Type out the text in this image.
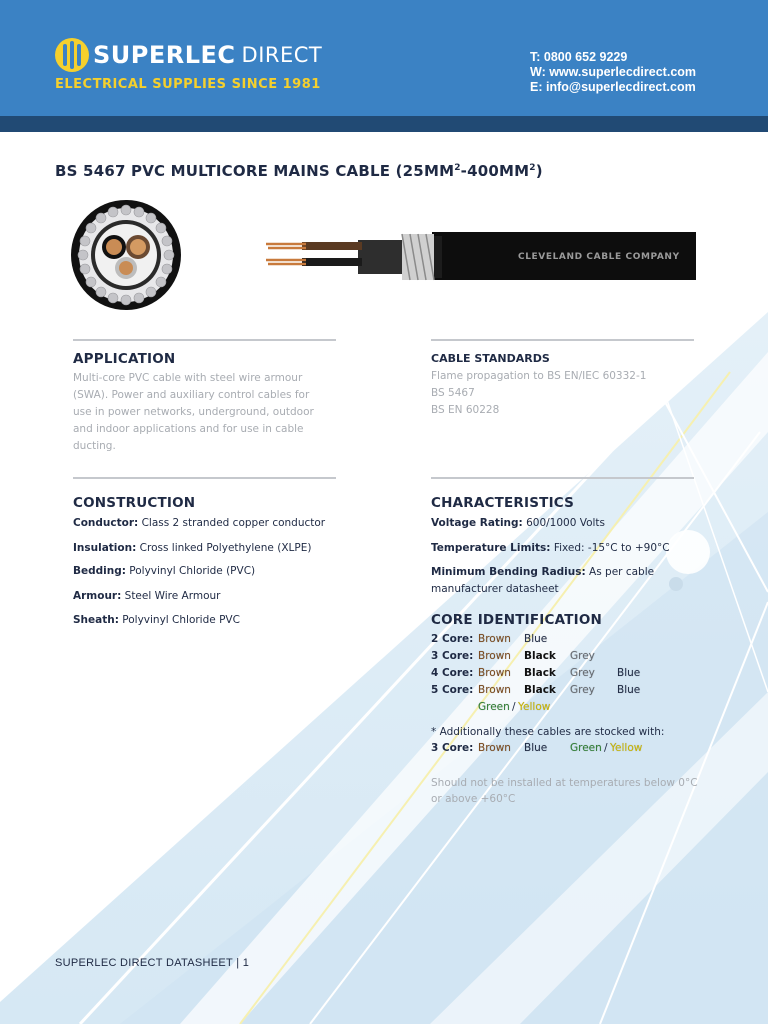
SUPERLEC DIRECT
ELECTRICAL SUPPLIES SINCE 1981
T: 0800 652 9229
W: www.superlecdirect.com
E: info@superlecdirect.com
BS 5467 PVC MULTICORE MAINS CABLE $(25MM^2-400MM^2)$
CLEVELAND CABLE COMPANY
APPLICATION
Multi-core PVC cable with steel wire armour
(SWA). Power and auxiliary control cables for
use in power networks, underground, outdoor
and indoor applications and for use in cable
ducting.
CABLE STANDARDS
Flame propagation to BS EN/IEC 60332-1
BS 5467
BS EN 60228
CONSTRUCTION
Conductor: Class 2 stranded copper conductor
Insulation: Cross linked Polyethylene (XLPE)
Bedding: Polyvinyl Chloride (PVC)
Armour: Steel Wire Armour
Sheath: Polyvinyl Chloride PVC
CHARACTERISTICS
Voltage Rating: 600/1000 Volts
Temperature Limits: Fixed: -15°C to +90°C
Minimum Bending Radius: As per cable
manufacturer datasheet
CORE IDENTIFICATION
2 Core: Brown Blue
3 Core: Brown Black Grey
4 Core: Brown Black Grey Blue
5 Core: Brown Black Grey Blue
Green / Yellow
* Additionally these cables are stocked with:
3 Core: Brown Blue Green / Yellow
Should not be installed at temperatures below 0°C
or above +60°C
SUPERLEC DIRECT DATASHEET | 1
